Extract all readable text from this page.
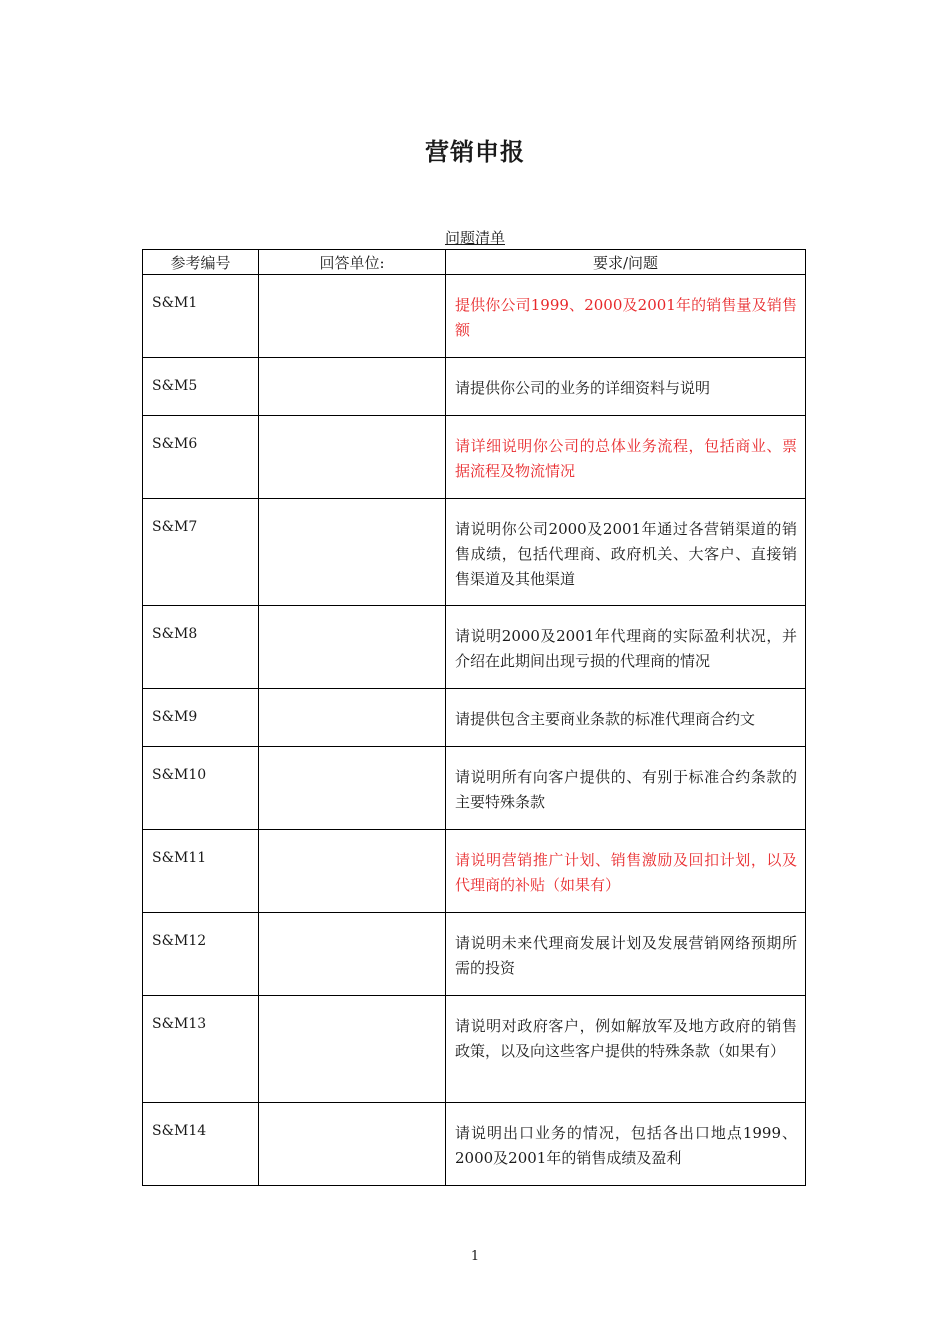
营销申报
问题清单
参考编号	回答单位:	要求/问题
S&M1		提供你公司1999、2000及2001年的销售量及销售额
S&M5		请提供你公司的业务的详细资料与说明
S&M6		请详细说明你公司的总体业务流程，包括商业、票据流程及物流情况
S&M7		请说明你公司2000及2001年通过各营销渠道的销售成绩，包括代理商、政府机关、大客户、直接销售渠道及其他渠道
S&M8		请说明2000及2001年代理商的实际盈利状况，并介绍在此期间出现亏损的代理商的情况
S&M9		请提供包含主要商业条款的标准代理商合约文
S&M10		请说明所有向客户提供的、有别于标准合约条款的主要特殊条款
S&M11		请说明营销推广计划、销售激励及回扣计划，以及代理商的补贴（如果有）
S&M12		请说明未来代理商发展计划及发展营销网络预期所需的投资
S&M13		请说明对政府客户，例如解放军及地方政府的销售政策，以及向这些客户提供的特殊条款（如果有）
S&M14		请说明出口业务的情况，包括各出口地点1999、2000及2001年的销售成绩及盈利
1
